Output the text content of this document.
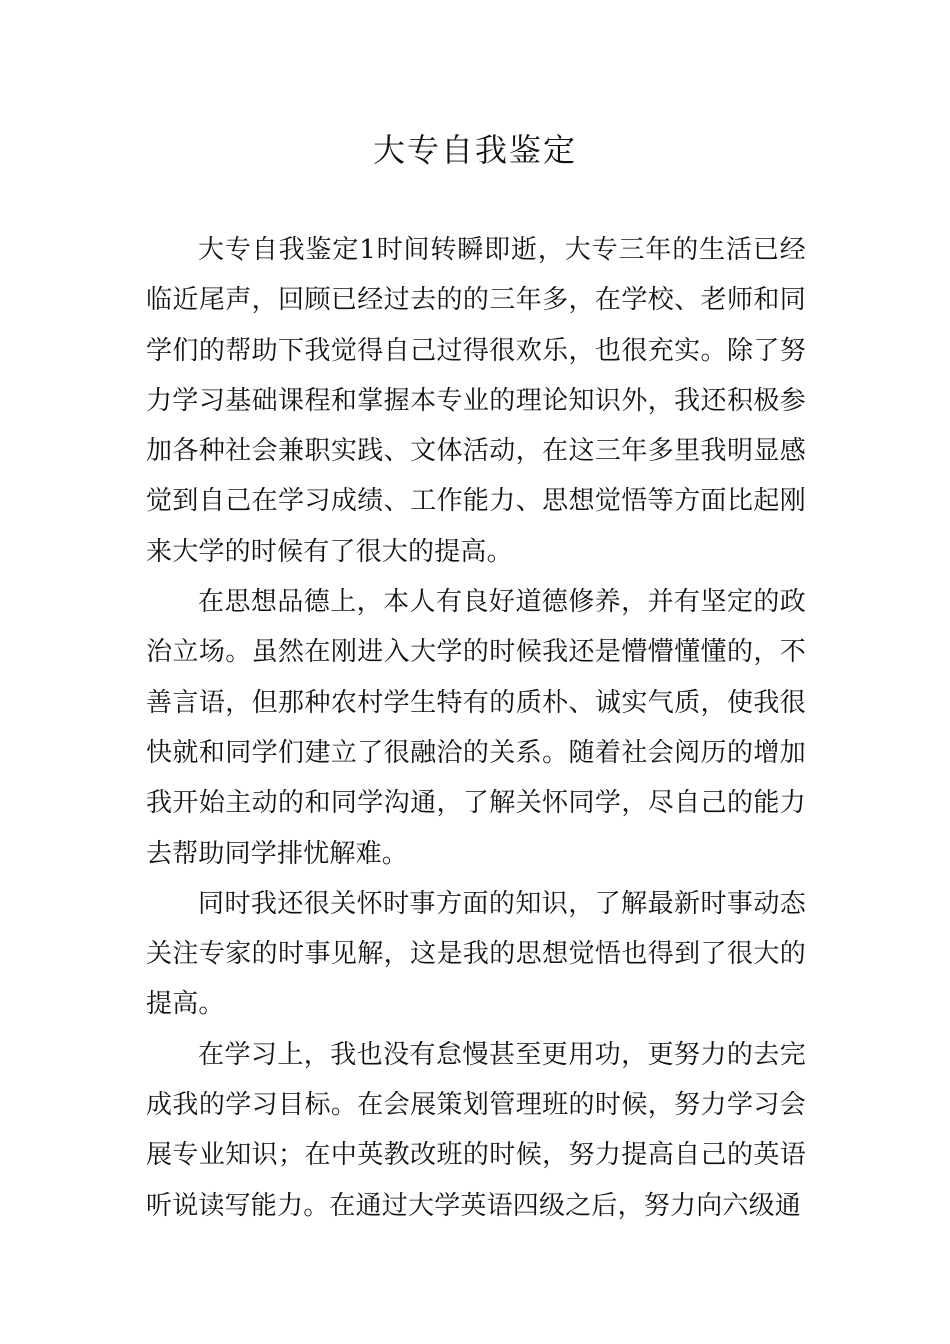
大专自我鉴定

大专自我鉴定1时间转瞬即逝，大专三年的生活已经临近尾声，回顾已经过去的的三年多，在学校、老师和同学们的帮助下我觉得自己过得很欢乐，也很充实。除了努力学习基础课程和掌握本专业的理论知识外，我还积极参加各种社会兼职实践、文体活动，在这三年多里我明显感觉到自己在学习成绩、工作能力、思想觉悟等方面比起刚来大学的时候有了很大的提高。

在思想品德上，本人有良好道德修养，并有坚定的政治立场。虽然在刚进入大学的时候我还是懵懵懂懂的，不善言语，但那种农村学生特有的质朴、诚实气质，使我很快就和同学们建立了很融洽的关系。随着社会阅历的增加我开始主动的和同学沟通，了解关怀同学，尽自己的能力去帮助同学排忧解难。

同时我还很关怀时事方面的知识，了解最新时事动态关注专家的时事见解，这是我的思想觉悟也得到了很大的提高。

在学习上，我也没有怠慢甚至更用功，更努力的去完成我的学习目标。在会展策划管理班的时候，努力学习会展专业知识；在中英教改班的时候，努力提高自己的英语听说读写能力。在通过大学英语四级之后，努力向六级通
